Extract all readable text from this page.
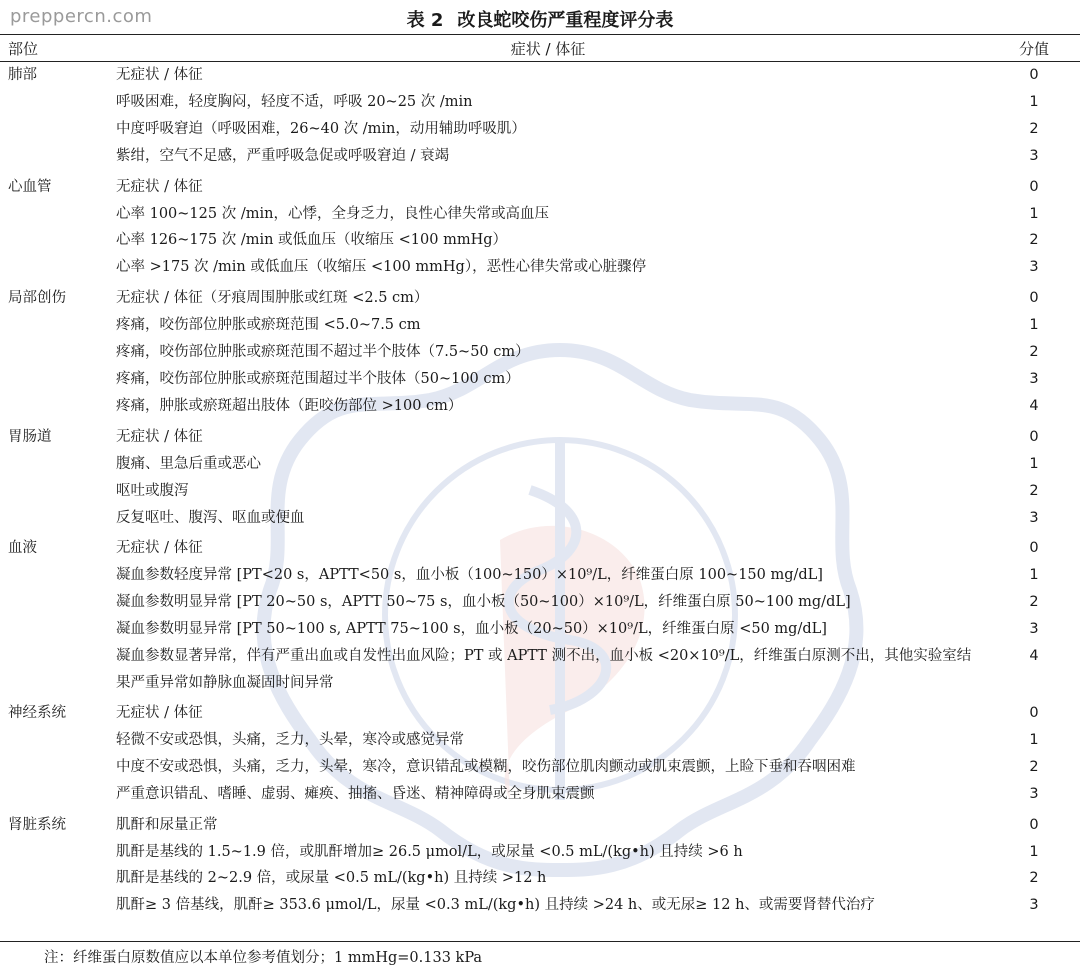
preppercn.com	表 2 改良蛇咬伤严重程度评分表
部位	症状 / 体征	分值
肺部	无症状 / 体征	0
	呼吸困难，轻度胸闷，轻度不适，呼吸 20~25 次 /min	1
	中度呼吸窘迫（呼吸困难，26~40 次 /min，动用辅助呼吸肌）	2
	紫绀，空气不足感，严重呼吸急促或呼吸窘迫 / 衰竭	3
心血管	无症状 / 体征	0
	心率 100~125 次 /min，心悸，全身乏力，良性心律失常或高血压	1
	心率 126~175 次 /min 或低血压（收缩压 <100 mmHg）	2
	心率 >175 次 /min 或低血压（收缩压 <100 mmHg），恶性心律失常或心脏骤停	3
局部创伤	无症状 / 体征（牙痕周围肿胀或红斑 <2.5 cm）	0
	疼痛，咬伤部位肿胀或瘀斑范围 <5.0~7.5 cm	1
	疼痛，咬伤部位肿胀或瘀斑范围不超过半个肢体（7.5~50 cm）	2
	疼痛，咬伤部位肿胀或瘀斑范围超过半个肢体（50~100 cm）	3
	疼痛，肿胀或瘀斑超出肢体（距咬伤部位 >100 cm）	4
胃肠道	无症状 / 体征	0
	腹痛、里急后重或恶心	1
	呕吐或腹泻	2
	反复呕吐、腹泻、呕血或便血	3
血液	无症状 / 体征	0
	凝血参数轻度异常 [PT<20 s，APTT<50 s，血小板（100~150）×10⁹/L，纤维蛋白原 100~150 mg/dL]	1
	凝血参数明显异常 [PT 20~50 s，APTT 50~75 s，血小板（50~100）×10⁹/L，纤维蛋白原 50~100 mg/dL]	2
	凝血参数明显异常 [PT 50~100 s, APTT 75~100 s，血小板（20~50）×10⁹/L，纤维蛋白原 <50 mg/dL]	3
	凝血参数显著异常，伴有严重出血或自发性出血风险；PT 或 APTT 测不出，血小板 <20×10⁹/L，纤维蛋白原测不出，其他实验室结果严重异常如静脉血凝固时间异常	4
神经系统	无症状 / 体征	0
	轻微不安或恐惧，头痛，乏力，头晕，寒冷或感觉异常	1
	中度不安或恐惧，头痛，乏力，头晕，寒冷，意识错乱或模糊，咬伤部位肌肉颤动或肌束震颤，上睑下垂和吞咽困难	2
	严重意识错乱、嗜睡、虚弱、瘫痪、抽搐、昏迷、精神障碍或全身肌束震颤	3
肾脏系统	肌酐和尿量正常	0
	肌酐是基线的 1.5~1.9 倍，或肌酐增加≥ 26.5 μmol/L，或尿量 <0.5 mL/(kg•h) 且持续 >6 h	1
	肌酐是基线的 2~2.9 倍，或尿量 <0.5 mL/(kg•h) 且持续 >12 h	2
	肌酐≥ 3 倍基线，肌酐≥ 353.6 μmol/L，尿量 <0.3 mL/(kg•h) 且持续 >24 h、或无尿≥ 12 h、或需要肾替代治疗	3
注：纤维蛋白原数值应以本单位参考值划分；1 mmHg=0.133 kPa
